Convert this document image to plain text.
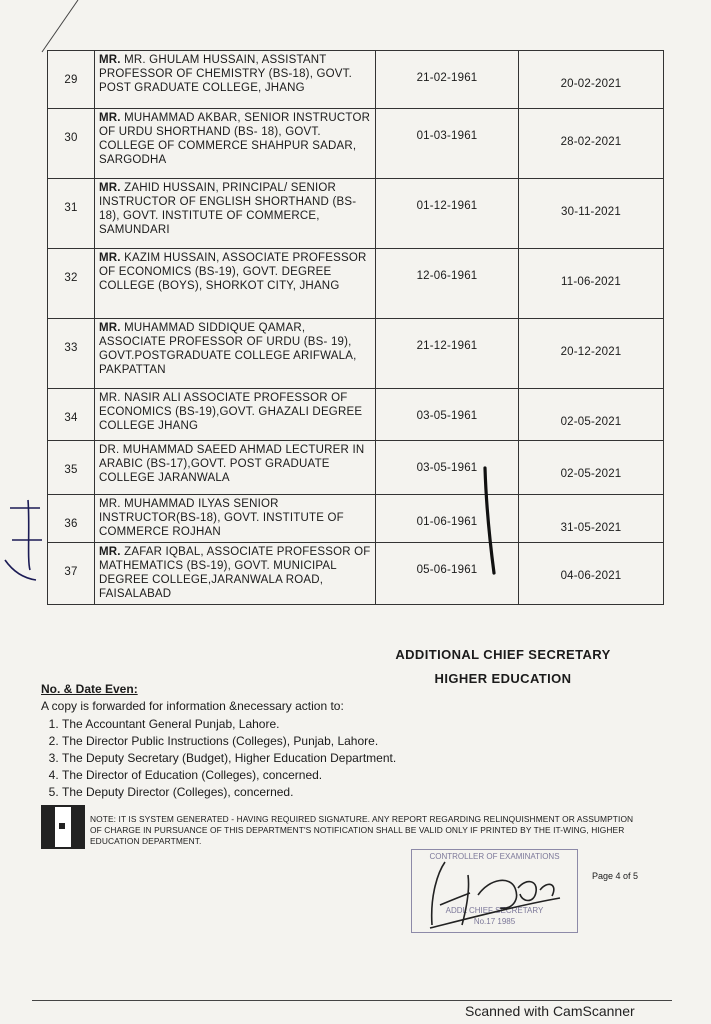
29	MR. MR. GHULAM HUSSAIN, ASSISTANT PROFESSOR OF CHEMISTRY (BS-18), GOVT. POST GRADUATE COLLEGE, JHANG	21-02-1961	20-02-2021
30	MR. MUHAMMAD AKBAR, SENIOR INSTRUCTOR OF URDU SHORTHAND (BS- 18), GOVT. COLLEGE OF COMMERCE SHAHPUR SADAR, SARGODHA	01-03-1961	28-02-2021
31	MR. ZAHID HUSSAIN, PRINCIPAL/ SENIOR INSTRUCTOR OF ENGLISH SHORTHAND (BS-18), GOVT. INSTITUTE OF COMMERCE, SAMUNDARI	01-12-1961	30-11-2021
32	MR. KAZIM HUSSAIN, ASSOCIATE PROFESSOR OF ECONOMICS (BS-19), GOVT. DEGREE COLLEGE (BOYS), SHORKOT CITY, JHANG	12-06-1961	11-06-2021
33	MR. MUHAMMAD SIDDIQUE QAMAR, ASSOCIATE PROFESSOR OF URDU (BS- 19), GOVT.POSTGRADUATE COLLEGE ARIFWALA, PAKPATTAN	21-12-1961	20-12-2021
34	MR. NASIR ALI ASSOCIATE PROFESSOR OF ECONOMICS (BS-19),GOVT. GHAZALI DEGREE COLLEGE JHANG	03-05-1961	02-05-2021
35	DR. MUHAMMAD SAEED AHMAD LECTURER IN ARABIC (BS-17),GOVT. POST GRADUATE COLLEGE JARANWALA	03-05-1961	02-05-2021
36	MR. MUHAMMAD ILYAS SENIOR INSTRUCTOR(BS-18), GOVT. INSTITUTE OF COMMERCE ROJHAN	01-06-1961	31-05-2021
37	MR. ZAFAR IQBAL, ASSOCIATE PROFESSOR OF MATHEMATICS (BS-19), GOVT. MUNICIPAL DEGREE COLLEGE,JARANWALA ROAD, FAISALABAD	05-06-1961	04-06-2021
ADDITIONAL CHIEF SECRETARY
HIGHER EDUCATION
No. & Date Even:
A copy is forwarded for information &necessary action to:
1. The Accountant General Punjab, Lahore.
2. The Director Public Instructions (Colleges), Punjab, Lahore.
3. The Deputy Secretary (Budget), Higher Education Department.
4. The Director of Education (Colleges), concerned.
5. The Deputy Director (Colleges), concerned.
NOTE: IT IS SYSTEM GENERATED - HAVING REQUIRED SIGNATURE. ANY REPORT REGARDING RELINQUISHMENT OR ASSUMPTION OF CHARGE IN PURSUANCE OF THIS DEPARTMENT'S NOTIFICATION SHALL BE VALID ONLY IF PRINTED BY THE IT-WING, HIGHER EDUCATION DEPARTMENT.
CONTROLLER OF EXAMINATIONS
ADDL CHIEF SECRETARY
No.17 1985
Page 4 of 5
Scanned with CamScanner
